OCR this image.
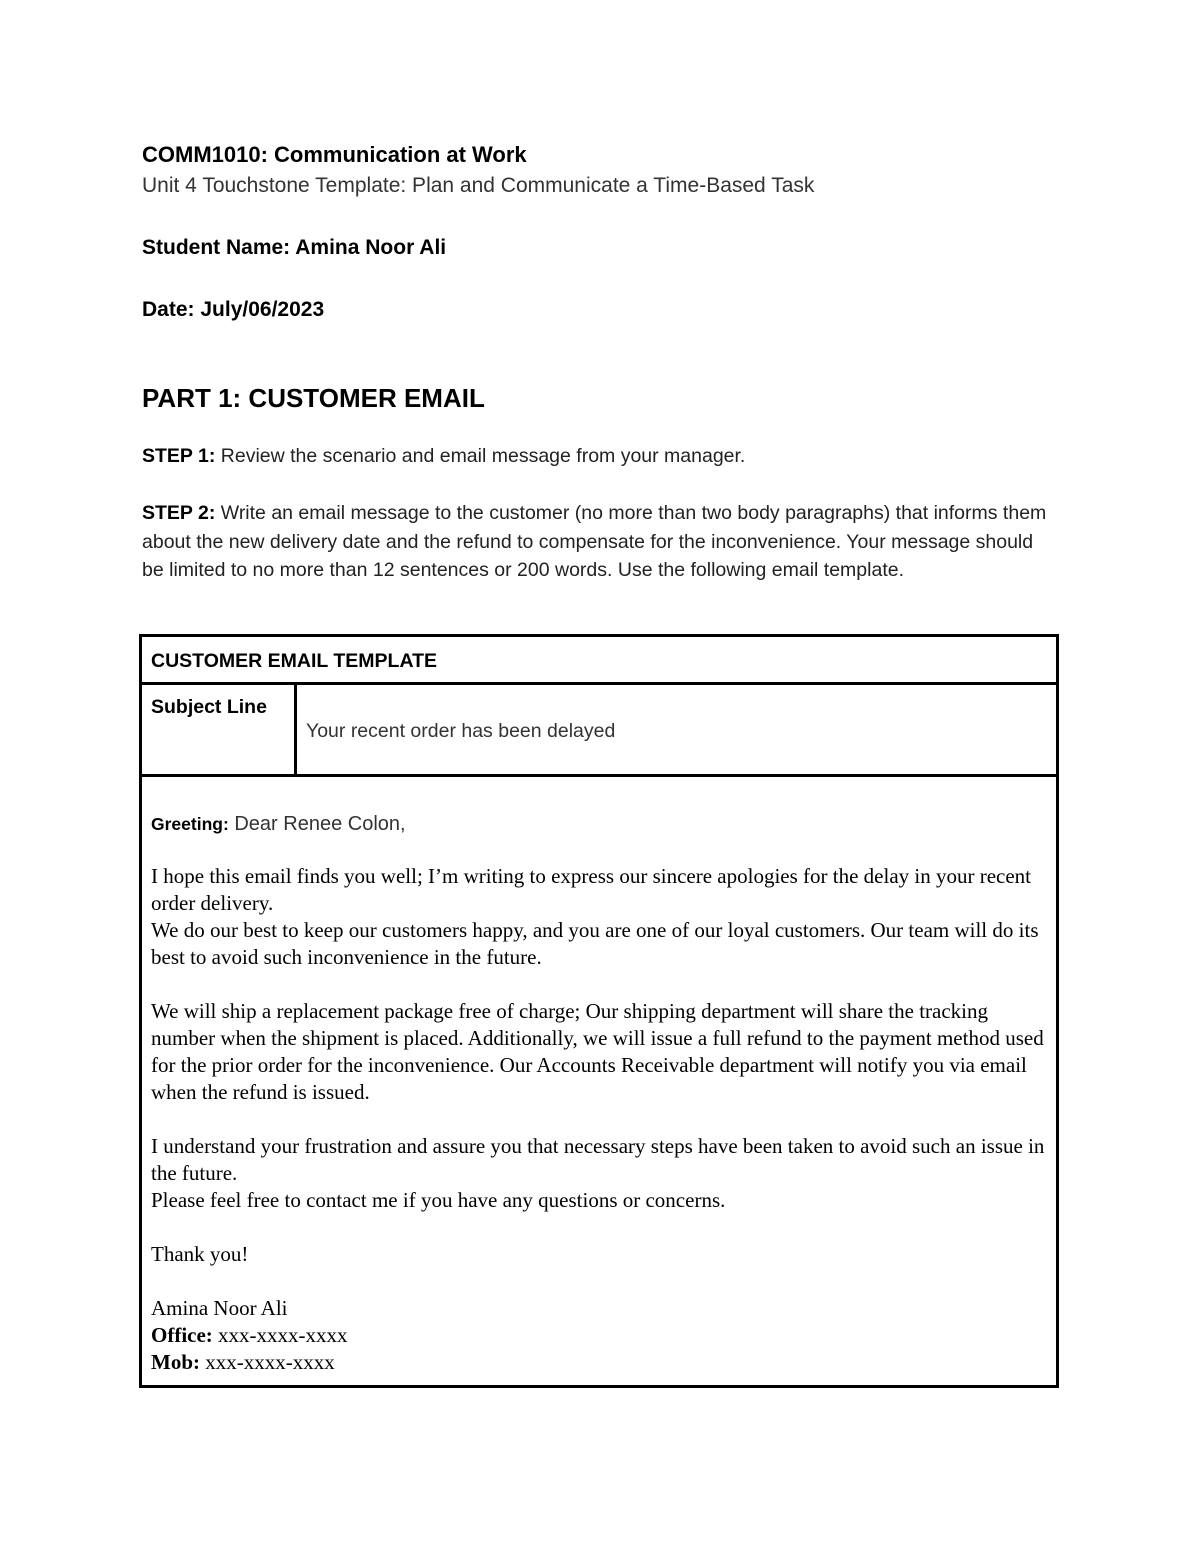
COMM1010: Communication at Work
Unit 4 Touchstone Template: Plan and Communicate a Time-Based Task
Student Name: Amina Noor Ali
Date: July/06/2023
PART 1: CUSTOMER EMAIL
STEP 1: Review the scenario and email message from your manager.
STEP 2: Write an email message to the customer (no more than two body paragraphs) that informs them about the new delivery date and the refund to compensate for the inconvenience. Your message should be limited to no more than 12 sentences or 200 words. Use the following email template.
CUSTOMER EMAIL TEMPLATE
Subject Line
Your recent order has been delayed
Greeting: Dear Renee Colon,

I hope this email finds you well; I’m writing to express our sincere apologies for the delay in your recent order delivery.

We do our best to keep our customers happy, and you are one of our loyal customers. Our team will do its best to avoid such inconvenience in the future.

We will ship a replacement package free of charge; Our shipping department will share the tracking number when the shipment is placed. Additionally, we will issue a full refund to the payment method used for the prior order for the inconvenience. Our Accounts Receivable department will notify you via email when the refund is issued.

I understand your frustration and assure you that necessary steps have been taken to avoid such an issue in the future.

Please feel free to contact me if you have any questions or concerns.

Thank you!

Amina Noor Ali

Office: xxx-xxxx-xxxx

Mob: xxx-xxxx-xxxx
